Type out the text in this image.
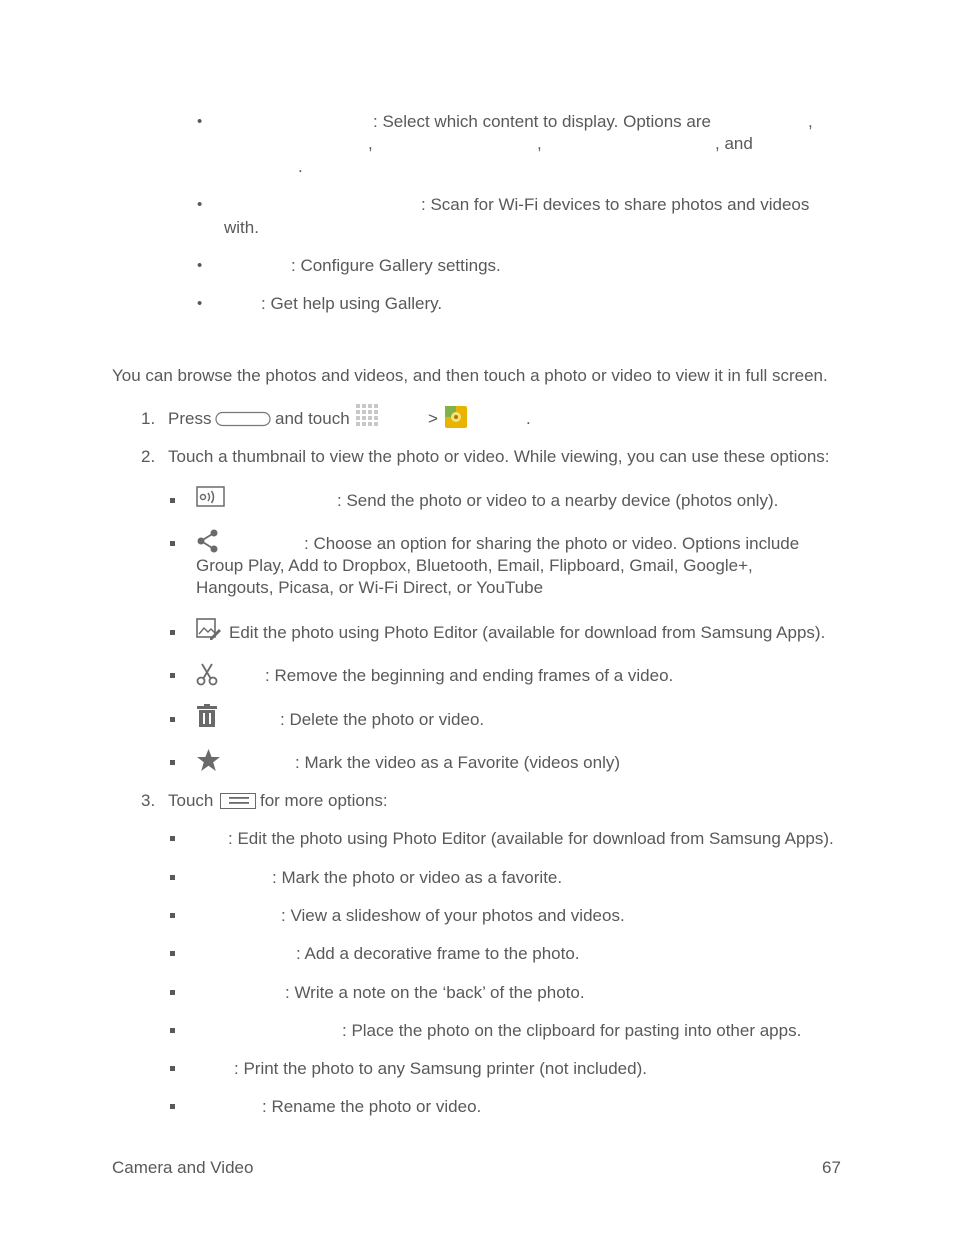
•	: Select which content to display. Options are	,
,	,	, and
.
•	: Scan for Wi-Fi devices to share photos and videos
with.
•	: Configure Gallery settings.
•	: Get help using Gallery.
You can browse the photos and videos, and then touch a photo or video to view it in full screen.
1. Press	and touch	>	.
2. Touch a thumbnail to view the photo or video. While viewing, you can use these options:
: Send the photo or video to a nearby device (photos only).
: Choose an option for sharing the photo or video. Options include Group Play, Add to Dropbox, Bluetooth, Email, Flipboard, Gmail, Google+, Hangouts, Picasa, or Wi-Fi Direct, or YouTube
Edit the photo using Photo Editor (available for download from Samsung Apps).
: Remove the beginning and ending frames of a video.
: Delete the photo or video.
: Mark the video as a Favorite (videos only)
3. Touch	for more options:
: Edit the photo using Photo Editor (available for download from Samsung Apps).
: Mark the photo or video as a favorite.
: View a slideshow of your photos and videos.
: Add a decorative frame to the photo.
: Write a note on the ‘back’ of the photo.
: Place the photo on the clipboard for pasting into other apps.
: Print the photo to any Samsung printer (not included).
: Rename the photo or video.
Camera and Video	67
